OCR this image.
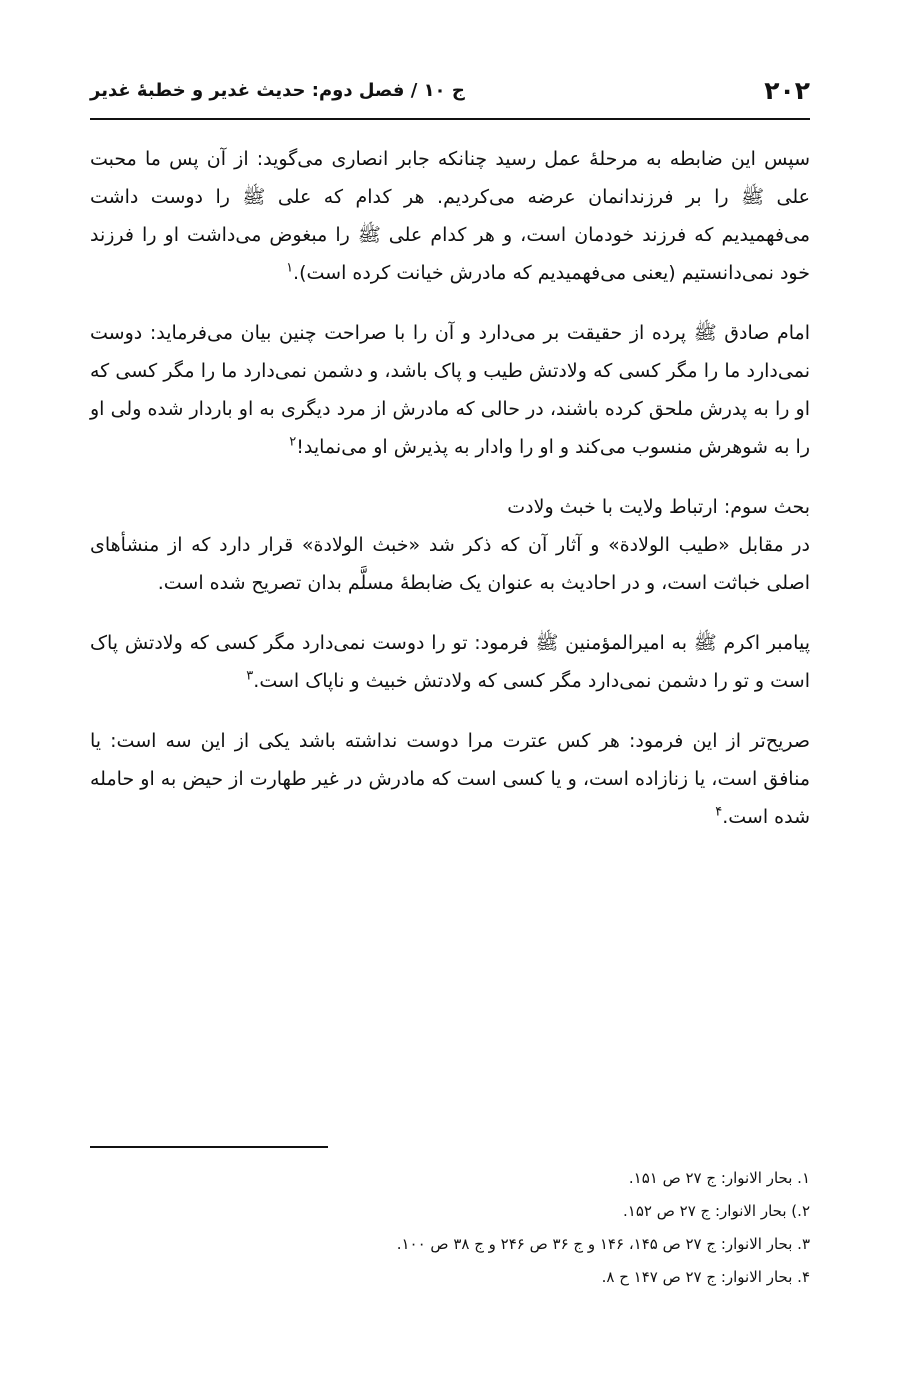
۲۰۲
ج ۱۰ / فصل دوم: حدیث غدیر و خطبهٔ غدیر

سپس این ضابطه به مرحلهٔ عمل رسید چنانکه جابر انصاری می‌گوید: از آن پس ما محبت علی ﷺ را بر فرزندانمان عرضه می‌کردیم. هر کدام که علی ﷺ را دوست داشت می‌فهمیدیم که فرزند خودمان است، و هر کدام علی ﷺ را مبغوض می‌داشت او را فرزند خود نمی‌دانستیم (یعنی می‌فهمیدیم که مادرش خیانت کرده است).$^۱$

امام صادق ﷺ پرده از حقیقت بر می‌دارد و آن را با صراحت چنین بیان می‌فرماید: دوست نمی‌دارد ما را مگر کسی که ولادتش طیب و پاک باشد، و دشمن نمی‌دارد ما را مگر کسی که او را به پدرش ملحق کرده باشند، در حالی که مادرش از مرد دیگری به او باردار شده ولی او را به شوهرش منسوب می‌کند و او را وادار به پذیرش او می‌نماید!$^۲$

بحث سوم: ارتباط ولایت با خبث ولادت

در مقابل «طیب الولادة» و آثار آن که ذکر شد «خبث الولادة» قرار دارد که از منشأهای اصلی خباثت است، و در احادیث به عنوان یک ضابطهٔ مسلَّم بدان تصریح شده است.

پیامبر اکرم ﷺ به امیرالمؤمنین ﷺ فرمود: تو را دوست نمی‌دارد مگر کسی که ولادتش پاک است و تو را دشمن نمی‌دارد مگر کسی که ولادتش خبیث و ناپاک است.$^۳$

صریح‌تر از این فرمود: هر کس عترت مرا دوست نداشته باشد یکی از این سه است: یا منافق است، یا زنازاده است، و یا کسی است که مادرش در غیر طهارت از حیض به او حامله شده است.$^۴$

۱. بحار الانوار: ج ۲۷ ص ۱۵۱.
۲.) بحار الانوار: ج ۲۷ ص ۱۵۲.
۳. بحار الانوار: ج ۲۷ ص ۱۴۵، ۱۴۶ و ج ۳۶ ص ۲۴۶ و ج ۳۸ ص ۱۰۰.
۴. بحار الانوار: ج ۲۷ ص ۱۴۷ ح ۸.
